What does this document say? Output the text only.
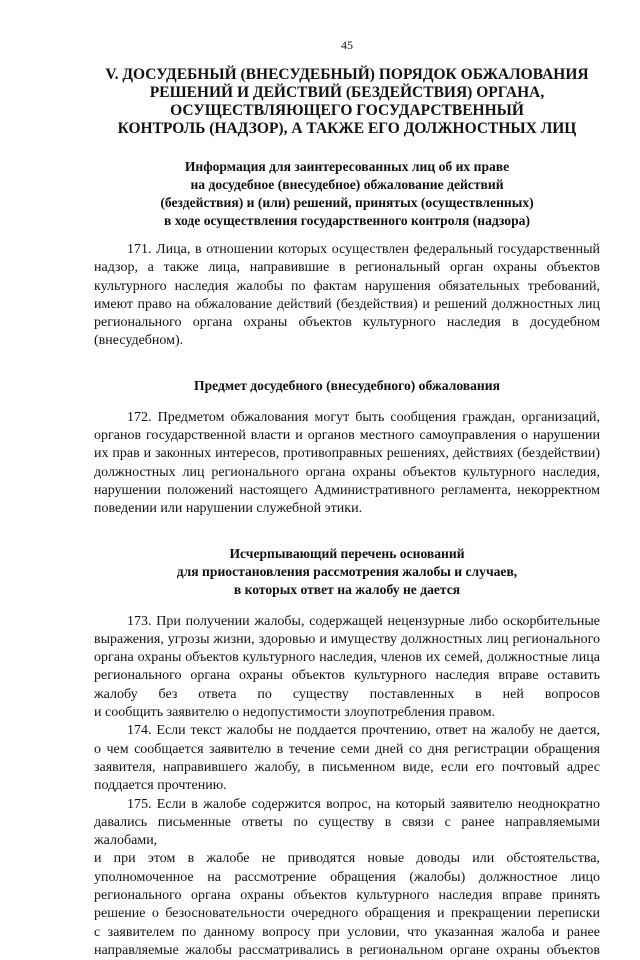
45
V. ДОСУДЕБНЫЙ (ВНЕСУДЕБНЫЙ) ПОРЯДОК ОБЖАЛОВАНИЯ
РЕШЕНИЙ И ДЕЙСТВИЙ (БЕЗДЕЙСТВИЯ) ОРГАНА,
ОСУЩЕСТВЛЯЮЩЕГО ГОСУДАРСТВЕННЫЙ
КОНТРОЛЬ (НАДЗОР), А ТАКЖЕ ЕГО ДОЛЖНОСТНЫХ ЛИЦ
Информация для заинтересованных лиц об их праве
на досудебное (внесудебное) обжалование действий
(бездействия) и (или) решений, принятых (осуществленных)
в ходе осуществления государственного контроля (надзора)

171. Лица, в отношении которых осуществлен федеральный государственный
надзор, а также лица, направившие в региональный орган охраны объектов
культурного наследия жалобы по фактам нарушения обязательных требований,
имеют право на обжалование действий (бездействия) и решений должностных лиц
регионального органа охраны объектов культурного наследия в досудебном
(внесудебном).

Предмет досудебного (внесудебного) обжалования

172. Предметом обжалования могут быть сообщения граждан, организаций,
органов государственной власти и органов местного самоуправления о нарушении
их прав и законных интересов, противоправных решениях, действиях (бездействии)
должностных лиц регионального органа охраны объектов культурного наследия,
нарушении положений настоящего Административного регламента, некорректном
поведении или нарушении служебной этики.

Исчерпывающий перечень оснований
для приостановления рассмотрения жалобы и случаев,
в которых ответ на жалобу не дается

173. При получении жалобы, содержащей нецензурные либо оскорбительные
выражения, угрозы жизни, здоровью и имуществу должностных лиц регионального
органа охраны объектов культурного наследия, членов их семей, должностные лица
регионального органа охраны объектов культурного наследия вправе оставить
жалобу без ответа по существу поставленных в ней вопросов
и сообщить заявителю о недопустимости злоупотребления правом.

174. Если текст жалобы не поддается прочтению, ответ на жалобу не дается,
о чем сообщается заявителю в течение семи дней со дня регистрации обращения
заявителя, направившего жалобу, в письменном виде, если его почтовый адрес
поддается прочтению.

175. Если в жалобе содержится вопрос, на который заявителю неоднократно
давались письменные ответы по существу в связи с ранее направляемыми жалобами,
и при этом в жалобе не приводятся новые доводы или обстоятельства,
уполномоченное на рассмотрение обращения (жалобы) должностное лицо
регионального органа охраны объектов культурного наследия вправе принять
решение о безосновательности очередного обращения и прекращении переписки
с заявителем по данному вопросу при условии, что указанная жалоба и ранее
направляемые жалобы рассматривались в региональном органе охраны объектов
